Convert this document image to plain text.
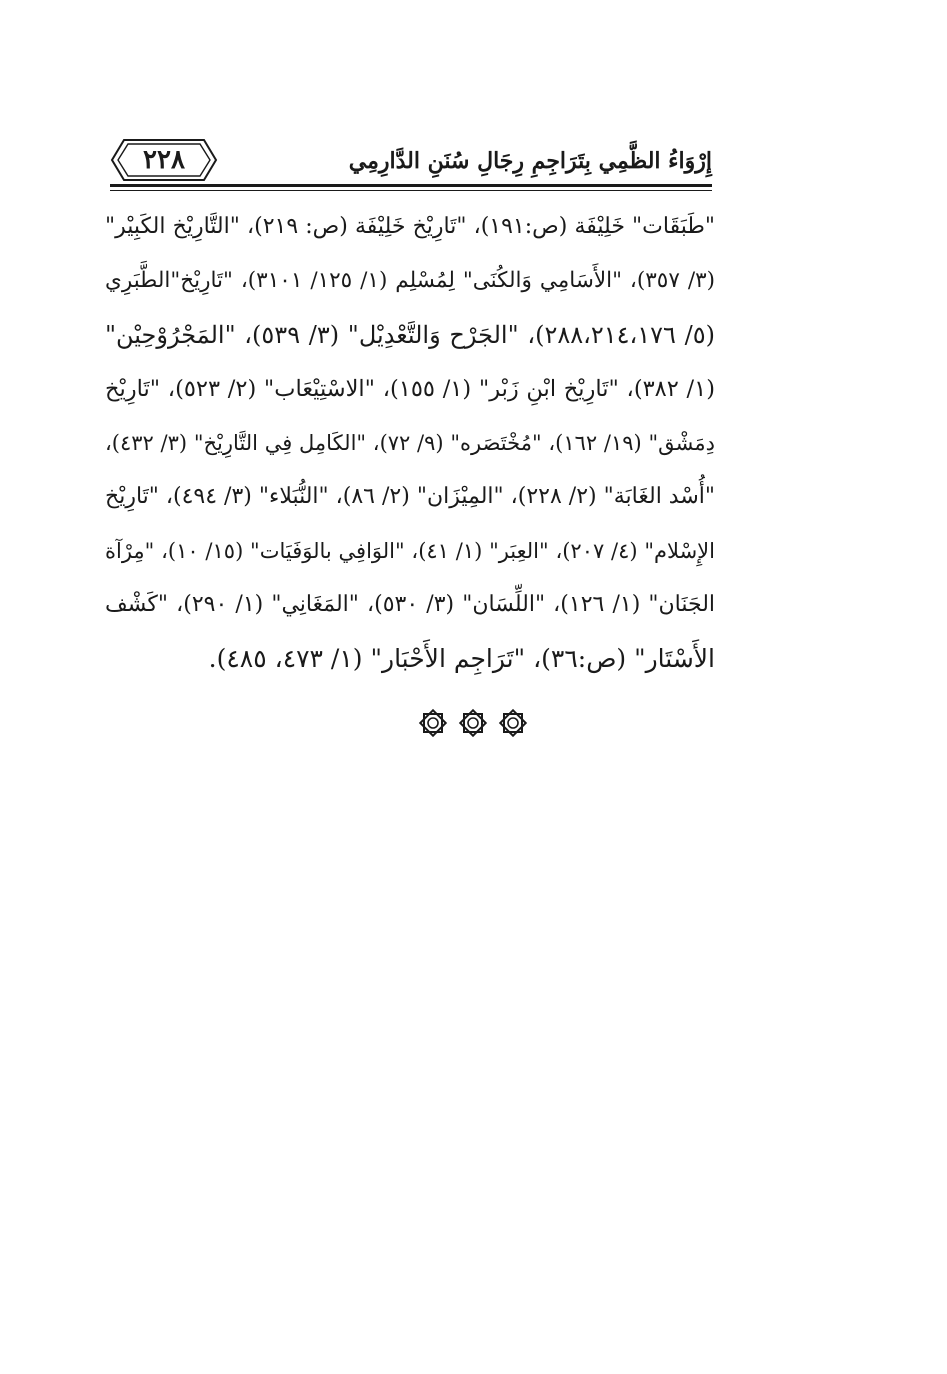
٢٢٨	إِرْوَاءُ الظَّمِي بِتَرَاجِمِ رِجَالِ سُنَنِ الدَّارِمِي
"طَبَقَات" خَلِيْفَة (ص:١٩١)، "تَارِيْخ خَلِيْفَة (ص: ٢١٩)، "التَّارِيْخ الكَبِيْر"
(٣/ ٣٥٧)، "الأَسَامِي وَالكُنَى" لِمُسْلِم (١/ ١٢٥/ ٣١٠١)، "تَارِيْخ"الطَّبَرِي
(٥/ ٢٨٨،٢١٤،١٧٦)، "الجَرْح وَالتَّعْدِيْل" (٣/ ٥٣٩)، "المَجْرُوْحِيْن"
(١/ ٣٨٢)، "تَارِيْخ ابْنِ زَبْر" (١/ ١٥٥)، "الاسْتِيْعَاب" (٢/ ٥٢٣)، "تَارِيْخ
دِمَشْق" (١٩/ ١٦٢)، "مُخْتَصَره" (٩/ ٧٢)، "الكَامِل فِي التَّارِيْخ" (٣/ ٤٣٢)،
"أُسْد الغَابَة" (٢/ ٢٢٨)، "المِيْزَان" (٢/ ٨٦)، "النُّبَلاء" (٣/ ٤٩٤)، "تَارِيْخ
الإِسْلام" (٤/ ٢٠٧)، "العِبَر" (١/ ٤١)، "الوَافِي بالوَفَيَات" (١٥/ ١٠)، "مِرْآة
الجَنَان" (١/ ١٢٦)، "اللِّسَان" (٣/ ٥٣٠)، "المَغَانِي" (١/ ٢٩٠)، "كَشْف
الأَسْتَار" (ص:٣٦)، "تَرَاجِم الأَحْبَار" (١/ ٤٧٣، ٤٨٥).
